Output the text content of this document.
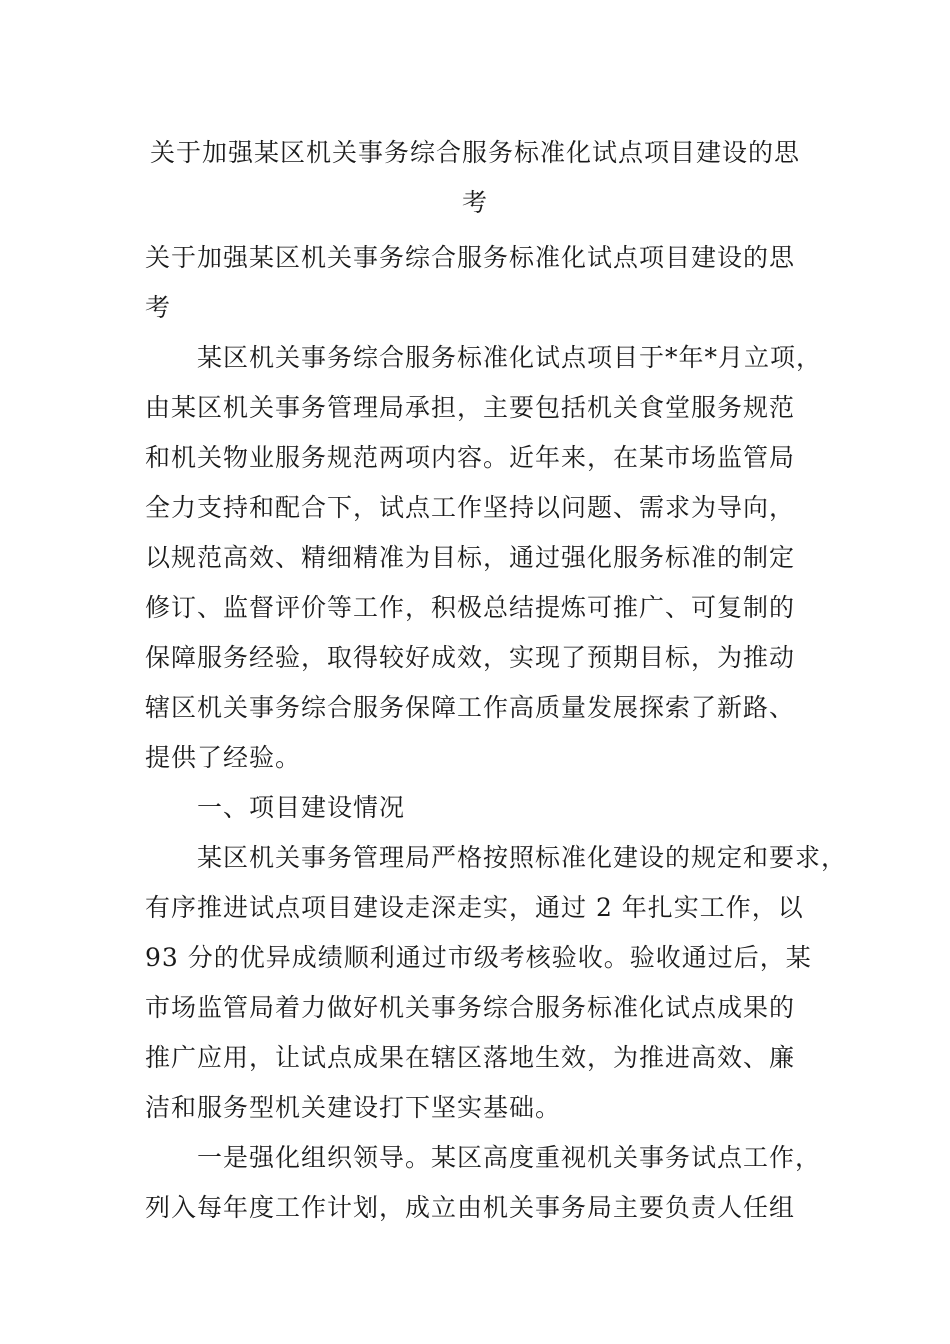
关于加强某区机关事务综合服务标准化试点项目建设的思
考
关于加强某区机关事务综合服务标准化试点项目建设的思
考
　　某区机关事务综合服务标准化试点项目于*年*月立项，
由某区机关事务管理局承担，主要包括机关食堂服务规范
和机关物业服务规范两项内容。近年来，在某市场监管局
全力支持和配合下，试点工作坚持以问题、需求为导向，
以规范高效、精细精准为目标，通过强化服务标准的制定
修订、监督评价等工作，积极总结提炼可推广、可复制的
保障服务经验，取得较好成效，实现了预期目标，为推动
辖区机关事务综合服务保障工作高质量发展探索了新路、
提供了经验。
　　一、项目建设情况
　　某区机关事务管理局严格按照标准化建设的规定和要求，
有序推进试点项目建设走深走实，通过 2 年扎实工作，以
93 分的优异成绩顺利通过市级考核验收。验收通过后，某
市场监管局着力做好机关事务综合服务标准化试点成果的
推广应用，让试点成果在辖区落地生效，为推进高效、廉
洁和服务型机关建设打下坚实基础。
　　一是强化组织领导。某区高度重视机关事务试点工作，
列入每年度工作计划，成立由机关事务局主要负责人任组
